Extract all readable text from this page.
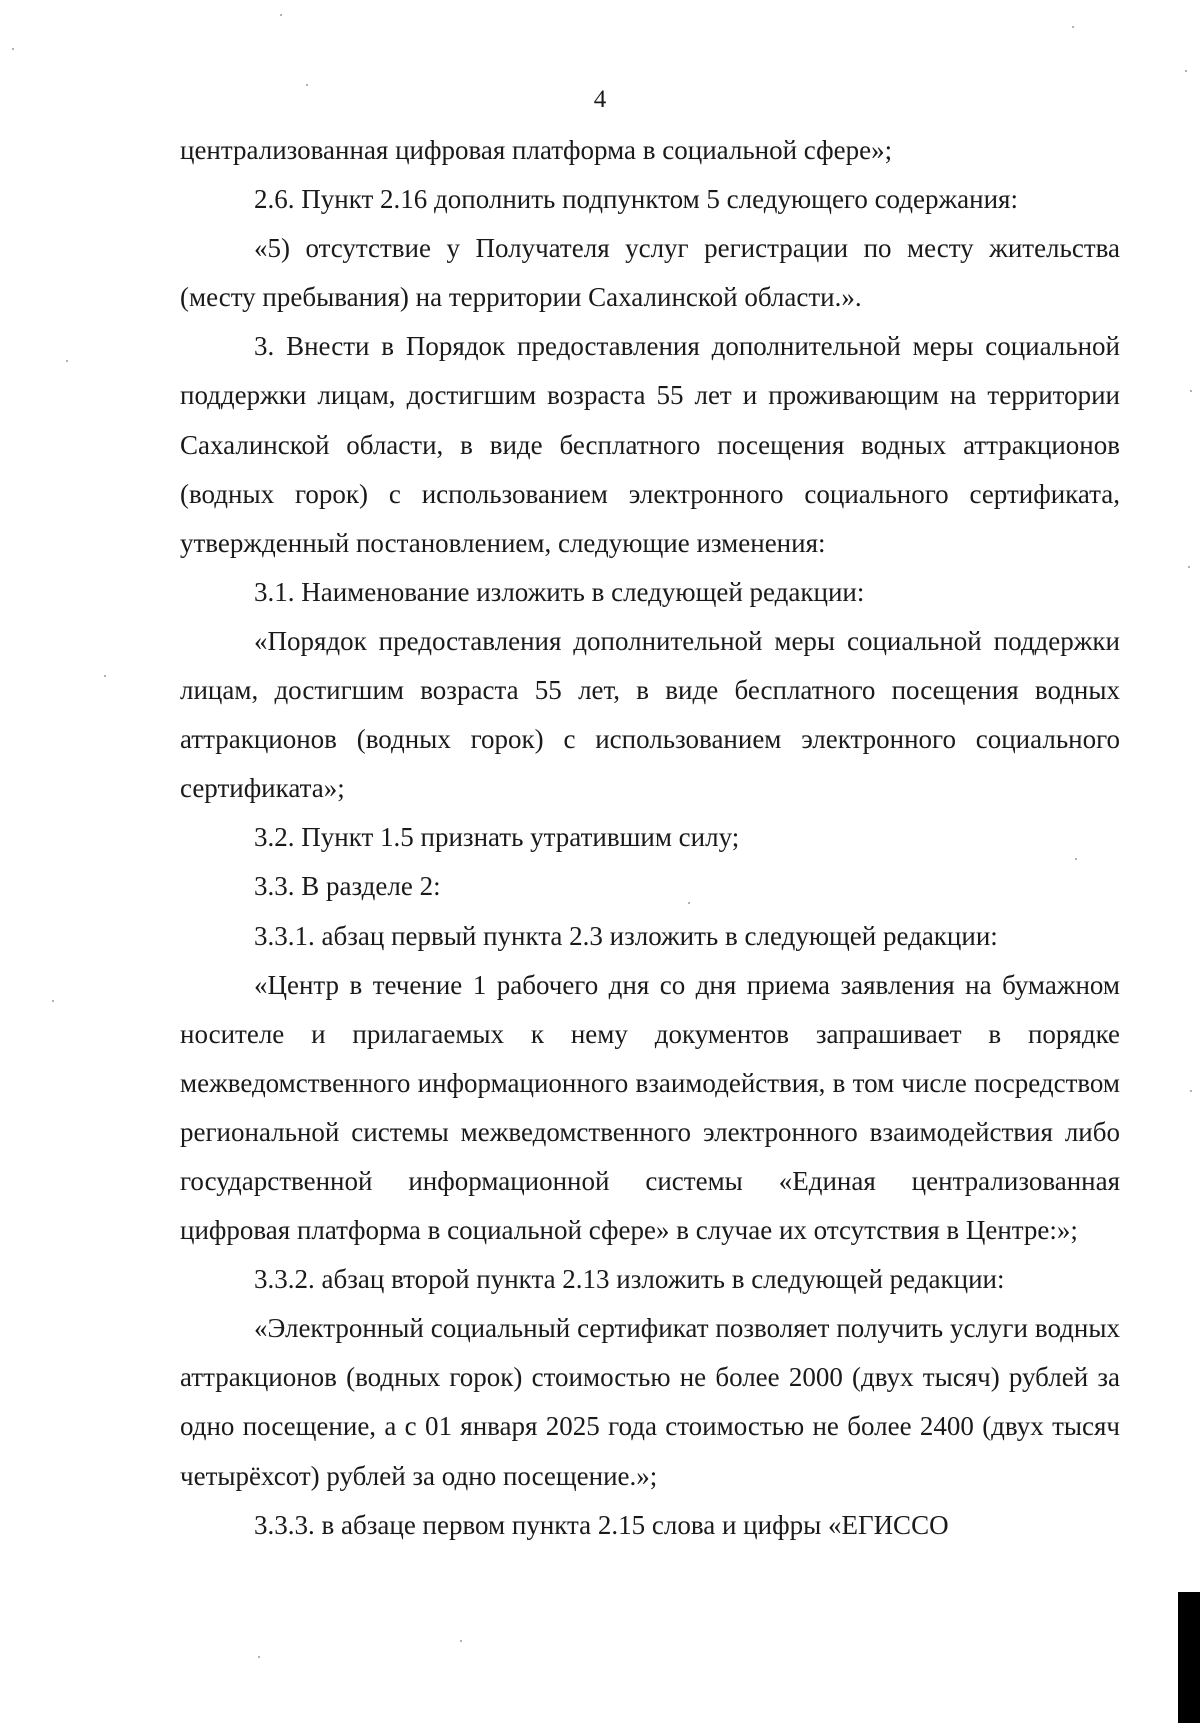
4

централизованная цифровая платформа в социальной сфере»;

2.6. Пункт 2.16 дополнить подпунктом 5 следующего содержания:

«5) отсутствие у Получателя услуг регистрации по месту жительства (месту пребывания) на территории Сахалинской области.».

3. Внести в Порядок предоставления дополнительной меры социальной поддержки лицам, достигшим возраста 55 лет и проживающим на территории Сахалинской области, в виде бесплатного посещения водных аттракционов (водных горок) с использованием электронного социального сертификата, утвержденный постановлением, следующие изменения:

3.1. Наименование изложить в следующей редакции:

«Порядок предоставления дополнительной меры социальной поддержки лицам, достигшим возраста 55 лет, в виде бесплатного посещения водных аттракционов (водных горок) с использованием электронного социального сертификата»;

3.2. Пункт 1.5 признать утратившим силу;

3.3. В разделе 2:

3.3.1. абзац первый пункта 2.3 изложить в следующей редакции:

«Центр в течение 1 рабочего дня со дня приема заявления на бумажном носителе и прилагаемых к нему документов запрашивает в порядке межведомственного информационного взаимодействия, в том числе посредством региональной системы межведомственного электронного взаимодействия либо государственной информационной системы «Единая централизованная цифровая платформа в социальной сфере» в случае их отсутствия в Центре:»;

3.3.2. абзац второй пункта 2.13 изложить в следующей редакции:

«Электронный социальный сертификат позволяет получить услуги водных аттракционов (водных горок) стоимостью не более 2000 (двух тысяч) рублей за одно посещение, а с 01 января 2025 года стоимостью не более 2400 (двух тысяч четырёхсот) рублей за одно посещение.»;

3.3.3. в абзаце первом пункта 2.15 слова и цифры «ЕГИССО
